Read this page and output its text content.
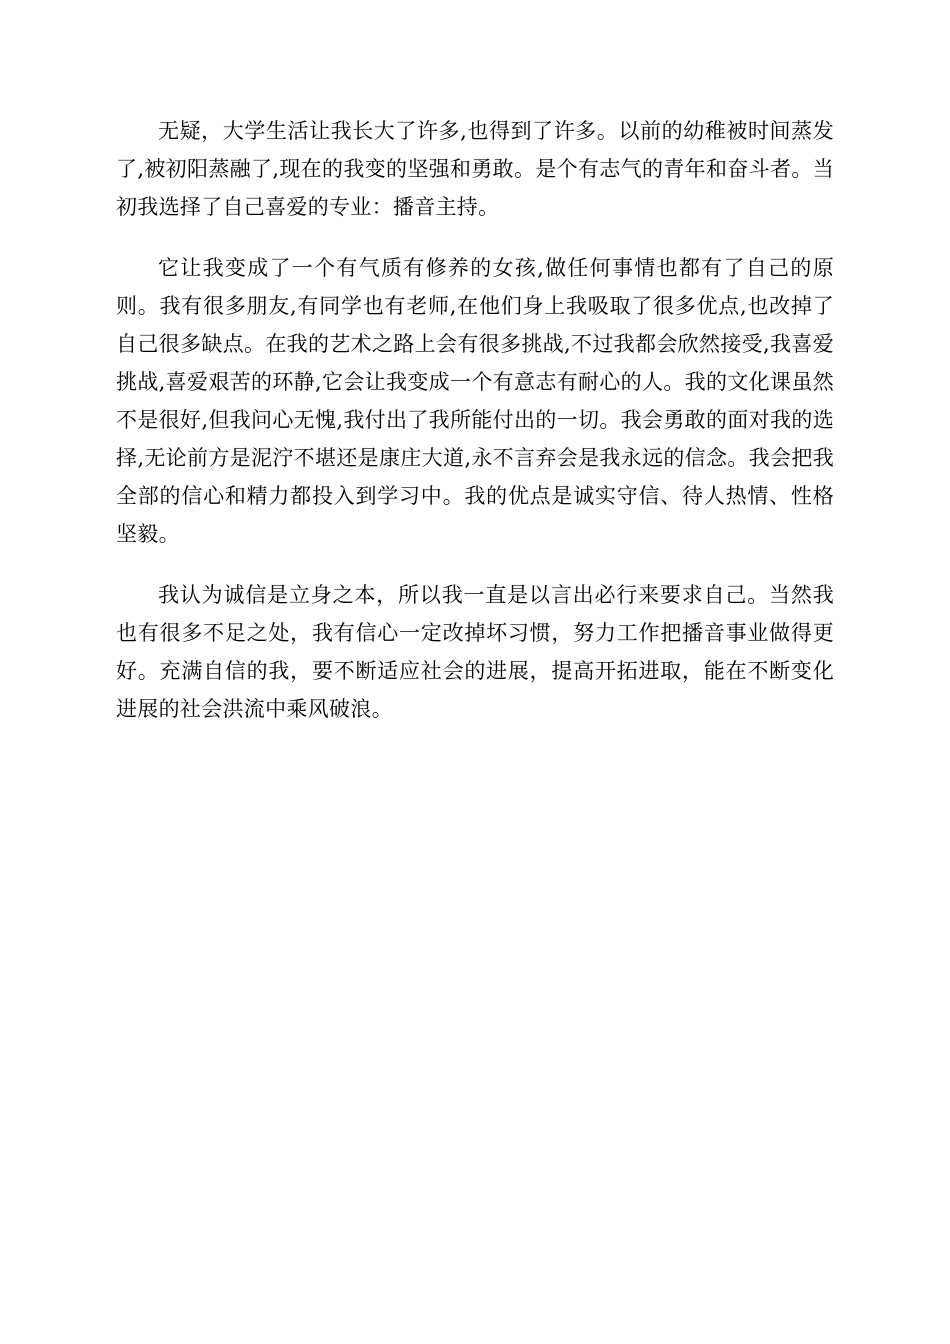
无疑，大学生活让我长大了许多,也得到了许多。以前的幼稚被时间蒸发了,被初阳蒸融了,现在的我变的坚强和勇敢。是个有志气的青年和奋斗者。当初我选择了自己喜爱的专业：播音主持。

它让我变成了一个有气质有修养的女孩,做任何事情也都有了自己的原则。我有很多朋友,有同学也有老师,在他们身上我吸取了很多优点,也改掉了自己很多缺点。在我的艺术之路上会有很多挑战,不过我都会欣然接受,我喜爱挑战,喜爱艰苦的环静,它会让我变成一个有意志有耐心的人。我的文化课虽然不是很好,但我问心无愧,我付出了我所能付出的一切。我会勇敢的面对我的选择,无论前方是泥泞不堪还是康庄大道,永不言弃会是我永远的信念。我会把我全部的信心和精力都投入到学习中。我的优点是诚实守信、待人热情、性格坚毅。

我认为诚信是立身之本，所以我一直是以言出必行来要求自己。当然我也有很多不足之处，我有信心一定改掉坏习惯，努力工作把播音事业做得更好。充满自信的我，要不断适应社会的进展，提高开拓进取，能在不断变化进展的社会洪流中乘风破浪。
